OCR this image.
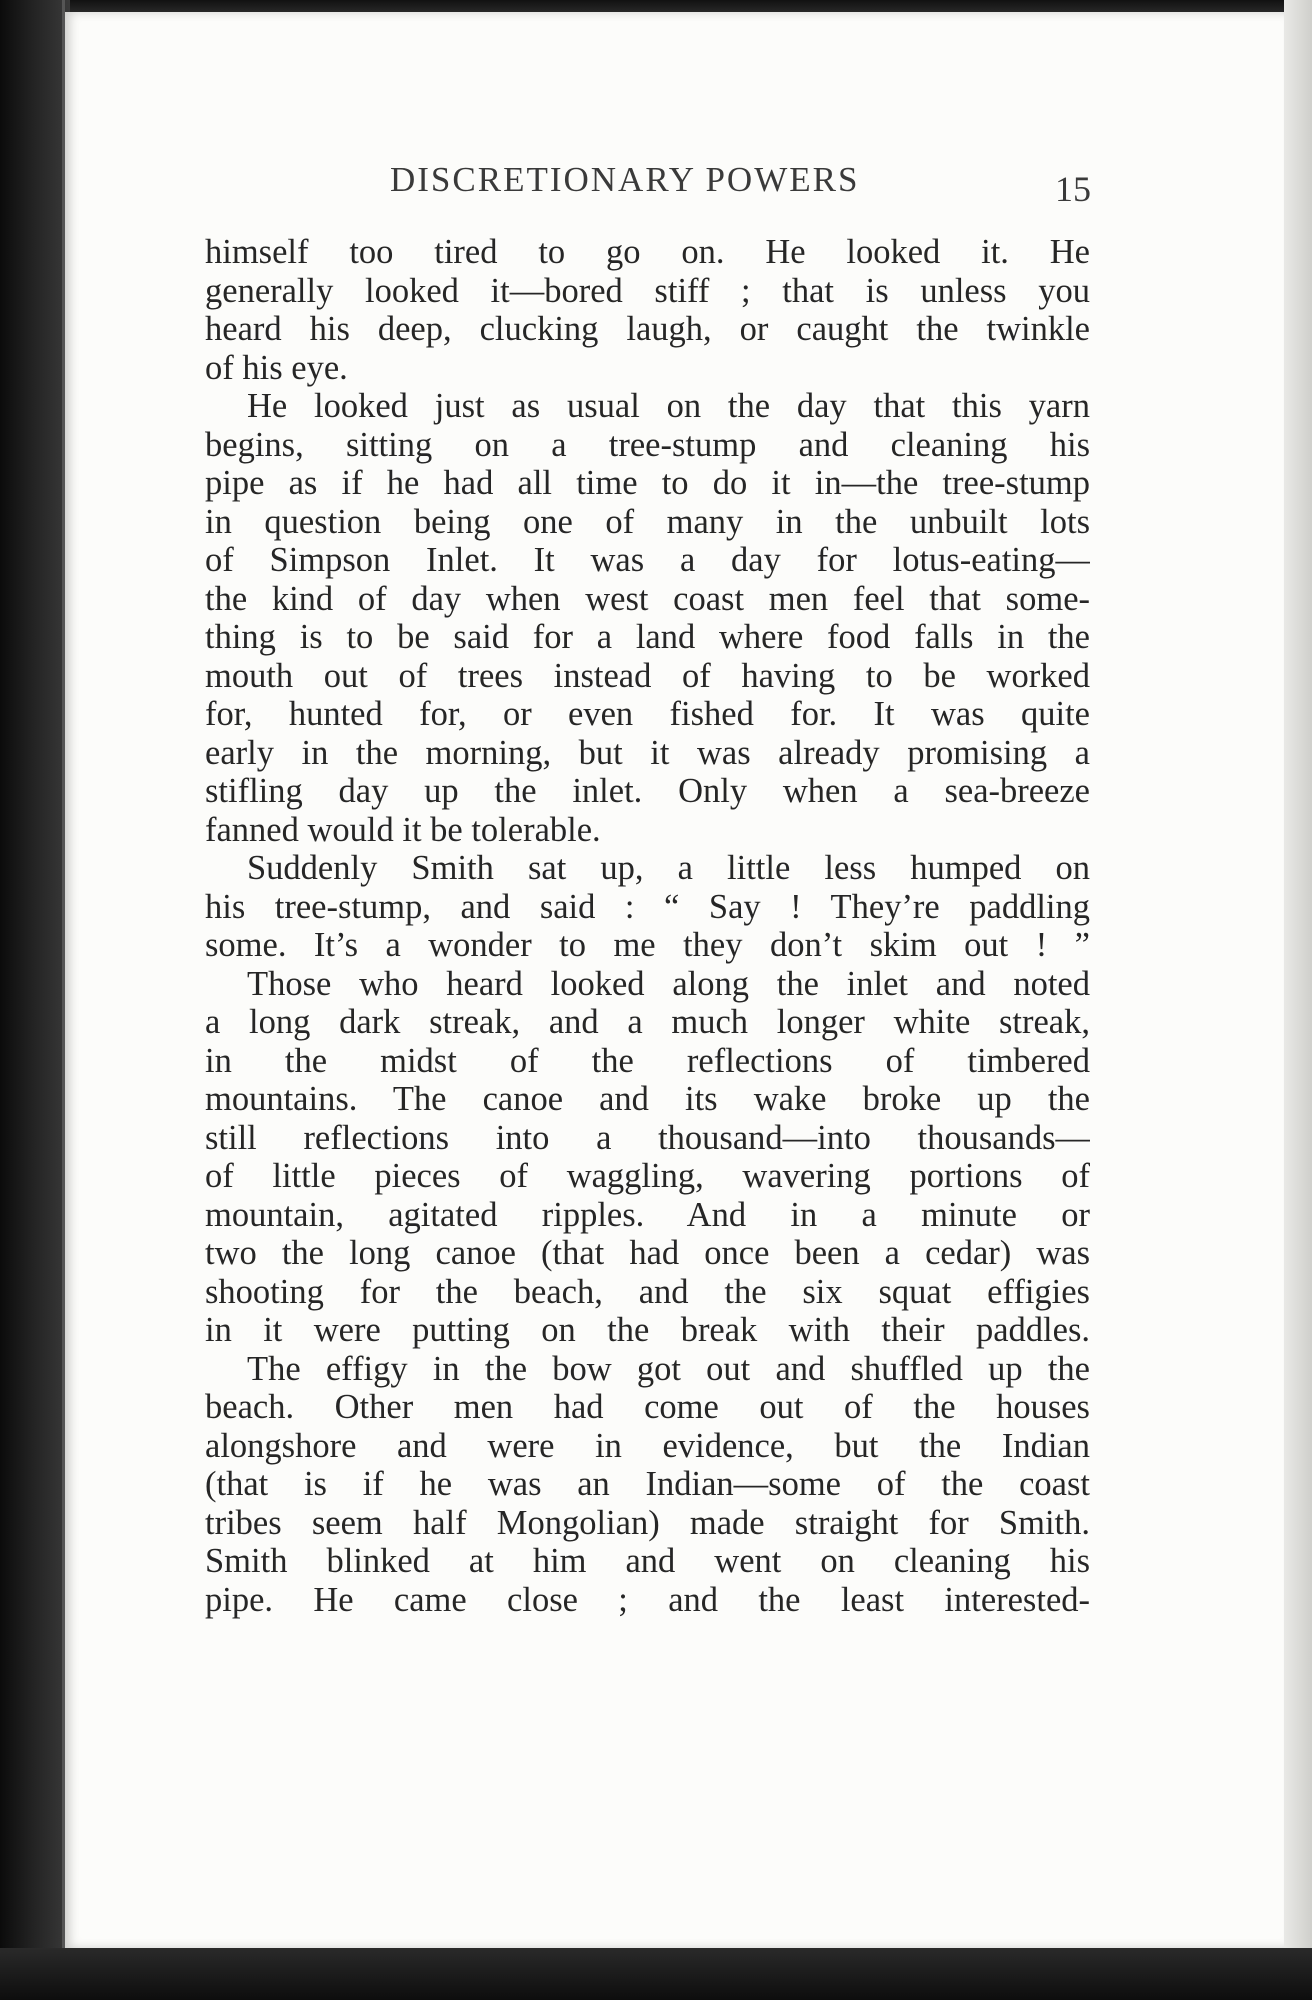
DISCRETIONARY POWERS	15
himself too tired to go on. He looked it. He
generally looked it—bored stiff ; that is unless you
heard his deep, clucking laugh, or caught the twinkle
of his eye.
He looked just as usual on the day that this yarn
begins, sitting on a tree-stump and cleaning his
pipe as if he had all time to do it in—the tree-stump
in question being one of many in the unbuilt lots
of Simpson Inlet. It was a day for lotus-eating—
the kind of day when west coast men feel that some-
thing is to be said for a land where food falls in the
mouth out of trees instead of having to be worked
for, hunted for, or even fished for. It was quite
early in the morning, but it was already promising a
stifling day up the inlet. Only when a sea-breeze
fanned would it be tolerable.
Suddenly Smith sat up, a little less humped on
his tree-stump, and said : “ Say ! They’re paddling
some. It’s a wonder to me they don’t skim out ! ”
Those who heard looked along the inlet and noted
a long dark streak, and a much longer white streak,
in the midst of the reflections of timbered
mountains. The canoe and its wake broke up the
still reflections into a thousand—into thousands—
of little pieces of waggling, wavering portions of
mountain, agitated ripples. And in a minute or
two the long canoe (that had once been a cedar) was
shooting for the beach, and the six squat effigies
in it were putting on the break with their paddles.
The effigy in the bow got out and shuffled up the
beach. Other men had come out of the houses
alongshore and were in evidence, but the Indian
(that is if he was an Indian—some of the coast
tribes seem half Mongolian) made straight for Smith.
Smith blinked at him and went on cleaning his
pipe. He came close ; and the least interested-
